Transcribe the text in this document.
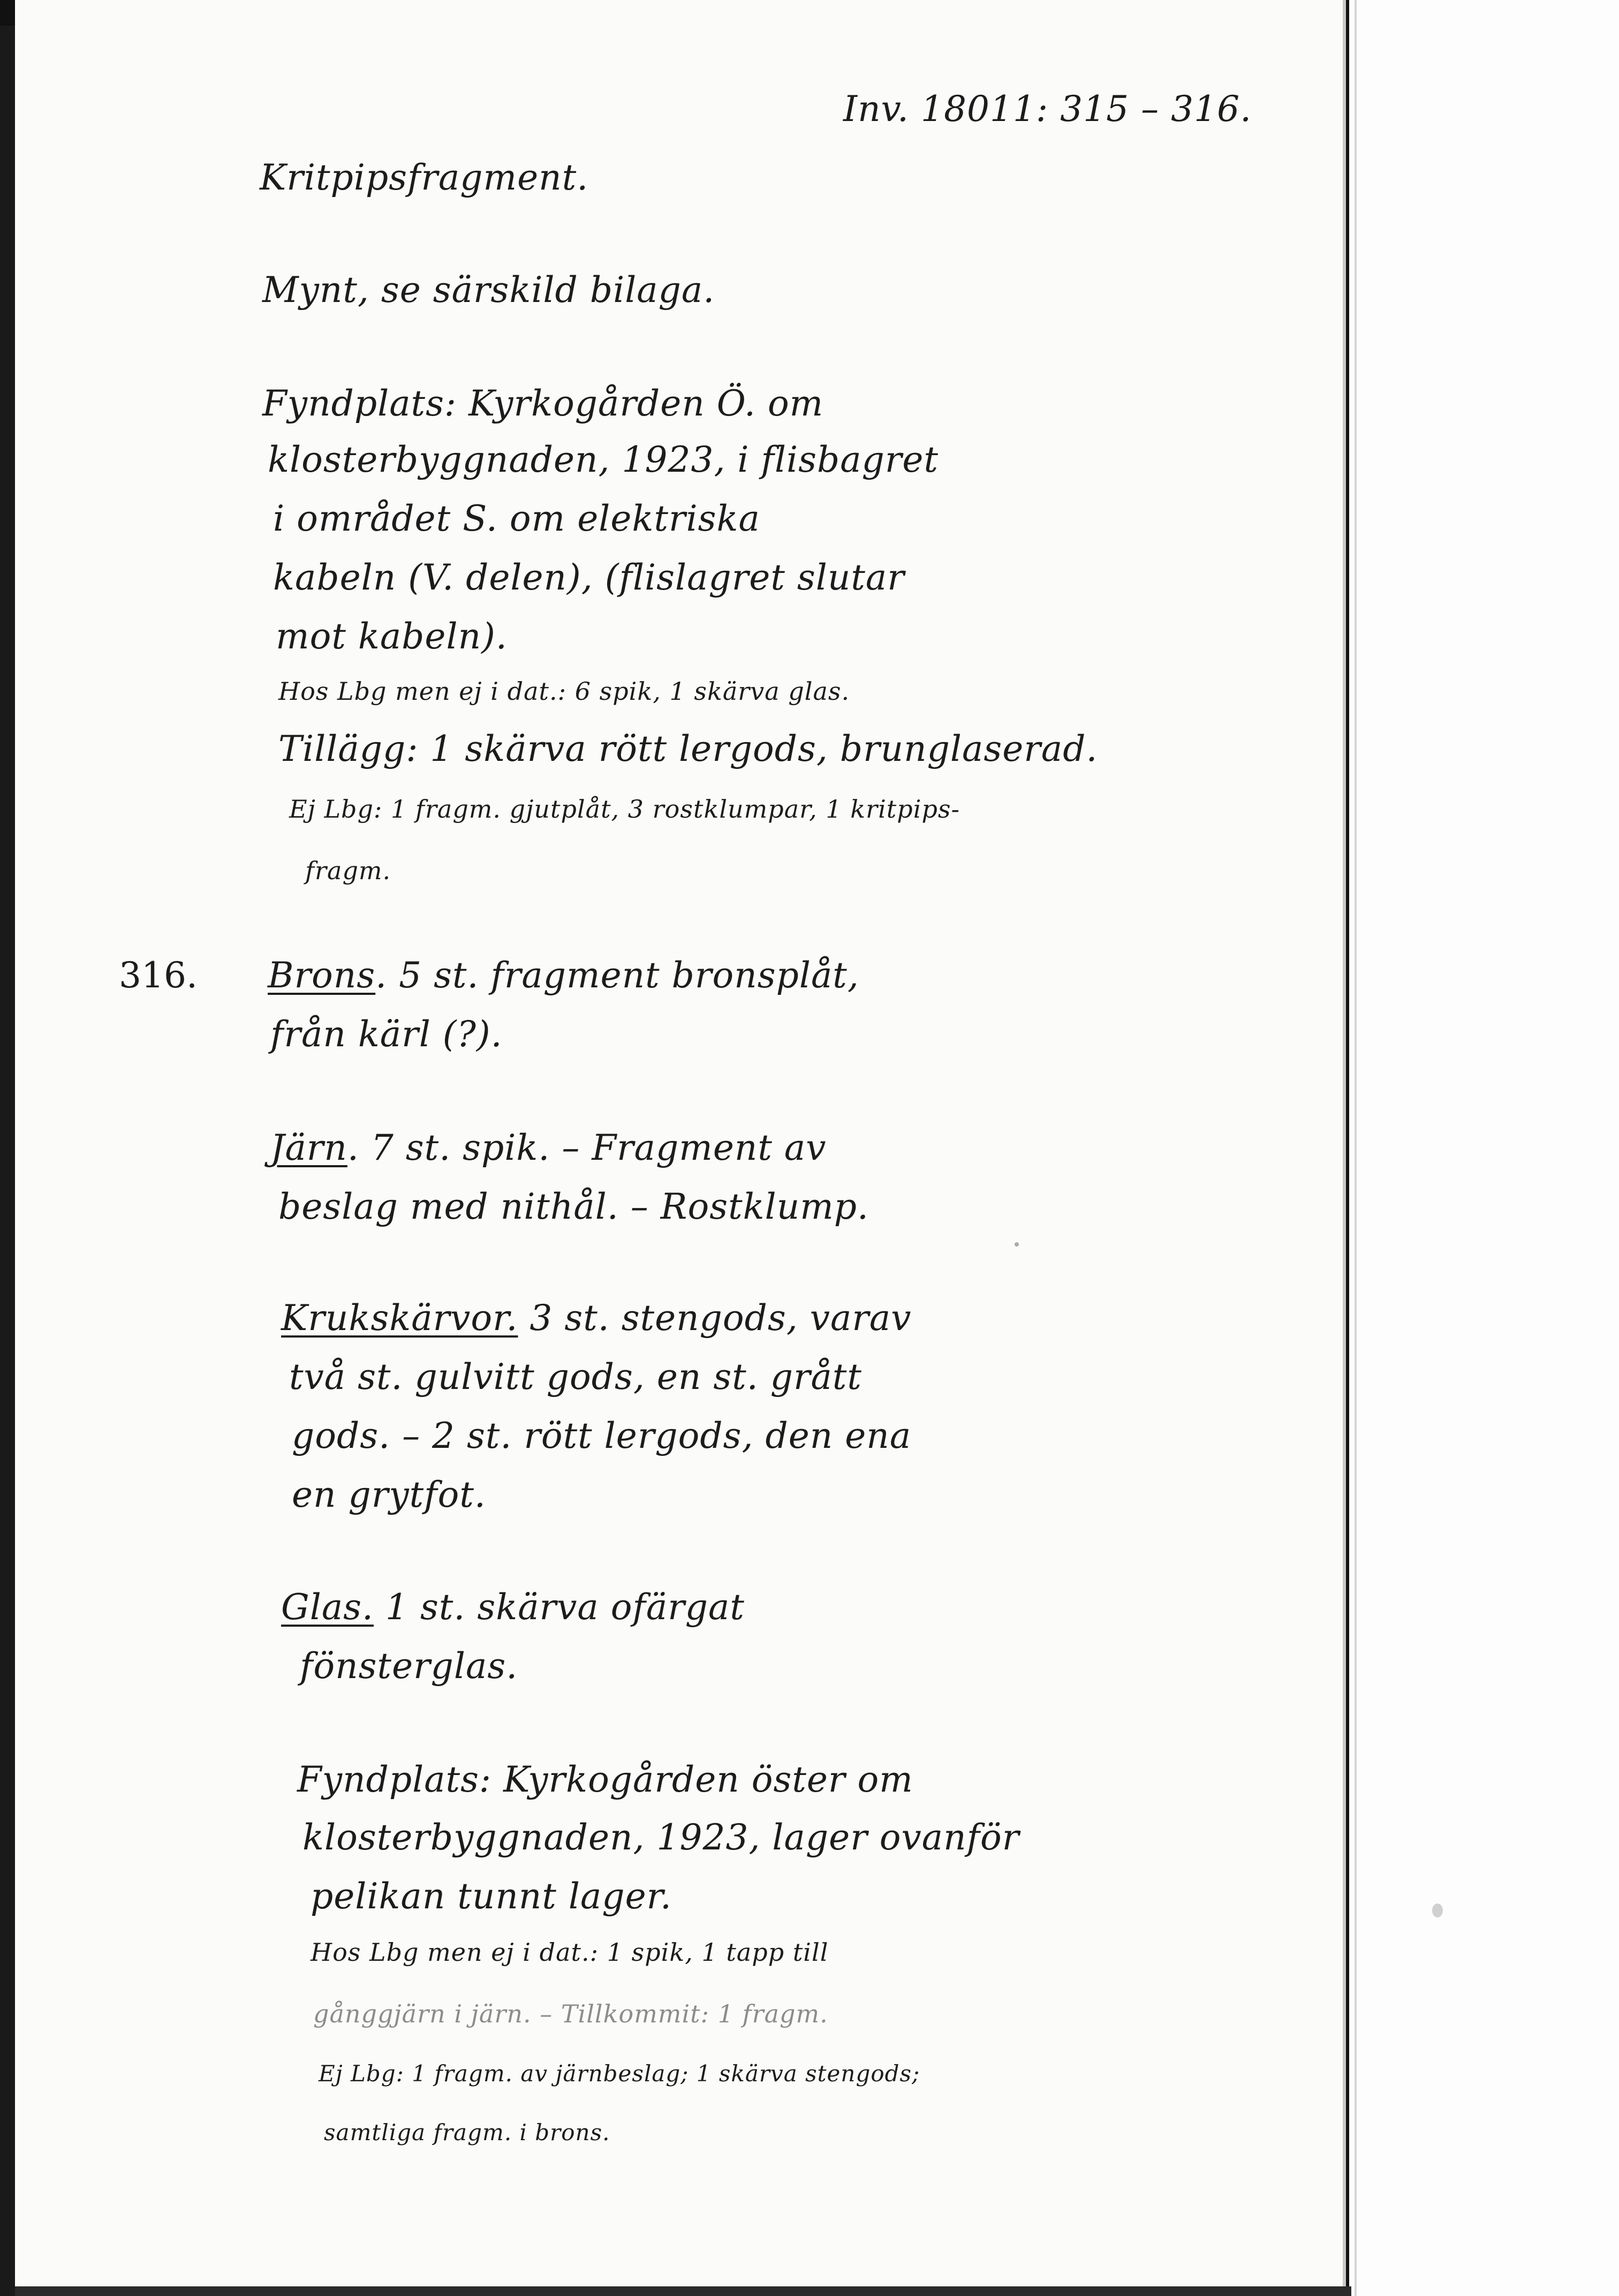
Inv. 18011: 315 – 316.

Kritpipsfragment.

Mynt, se särskild bilaga.

Fyndplats: Kyrkogården Ö. om

klosterbyggnaden, 1923, i flisbagret

i området S. om elektriska

kabeln (V. delen), (flislagret slutar

mot kabeln).

Hos Lbg men ej i dat.: 6 spik, 1 skärva glas.

Tillägg: 1 skärva rött lergods, brunglaserad.

Ej Lbg: 1 fragm. gjutplåt, 3 rostklumpar, 1 kritpips-

fragm.

316. Brons. 5 st. fragment bronsplåt,

från kärl (?).

Järn. 7 st. spik. – Fragment av

beslag med nithål. – Rostklump.

Krukskärvor. 3 st. stengods, varav

två st. gulvitt gods, en st. grått

gods. – 2 st. rött lergods, den ena

en grytfot.

Glas. 1 st. skärva ofärgat

fönsterglas.

Fyndplats: Kyrkogården öster om

klosterbyggnaden, 1923, lager ovanför

pelikan tunnt lager.

Hos Lbg men ej i dat.: 1 spik, 1 tapp till

gånggjärn i järn. – Tillkommit: 1 fragm.

Ej Lbg: 1 fragm. av järnbeslag; 1 skärva stengods;

samtliga fragm. i brons.
